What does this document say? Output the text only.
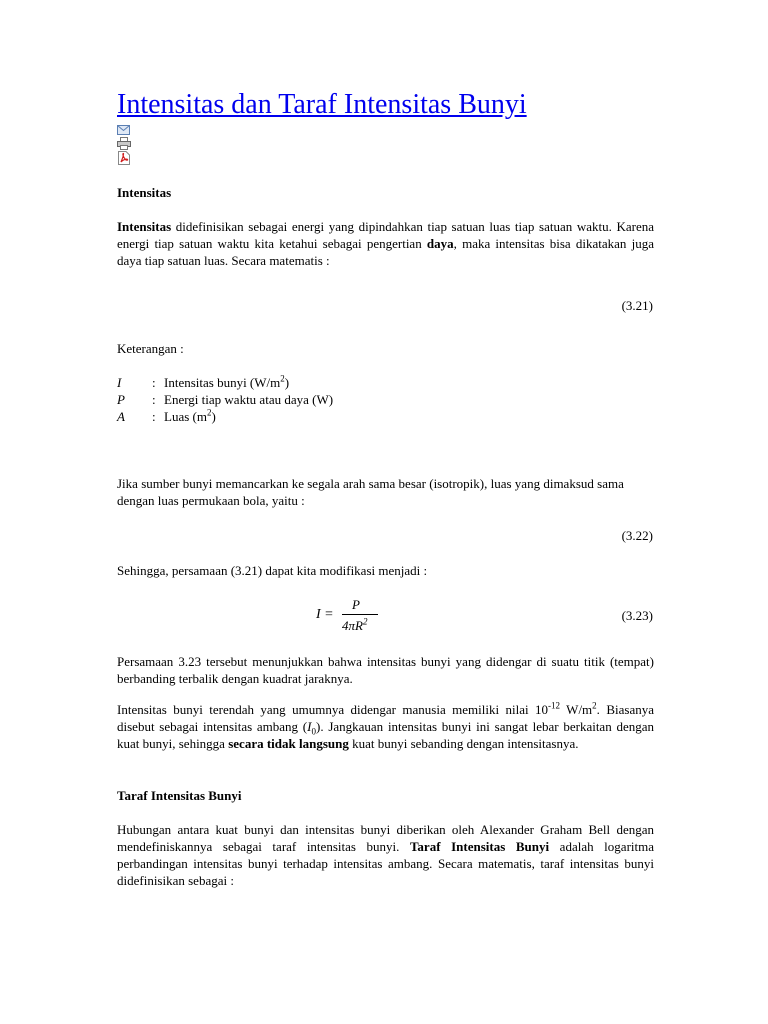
Intensitas dan Taraf Intensitas Bunyi
Intensitas
Intensitas didefinisikan sebagai energi yang dipindahkan tiap satuan luas tiap satuan waktu. Karena energi tiap satuan waktu kita ketahui sebagai pengertian daya, maka intensitas bisa dikatakan juga daya tiap satuan luas. Secara matematis :
(3.21)
Keterangan :
I : Intensitas bunyi $(W/m^2)$
P : Energi tiap waktu atau daya (W)
A : Luas $(m^2)$
Jika sumber bunyi memancarkan ke segala arah sama besar (isotropik), luas yang dimaksud sama dengan luas permukaan bola, yaitu :
(3.22)
Sehingga, persamaan (3.21) dapat kita modifikasi menjadi :
I =
P
$4\pi R^2$	(3.23)
Persamaan 3.23 tersebut menunjukkan bahwa intensitas bunyi yang didengar di suatu titik (tempat) berbanding terbalik dengan kuadrat jaraknya.
Intensitas bunyi terendah yang umumnya didengar manusia memiliki nilai $10^{-12}$ $W/m^2$. Biasanya disebut sebagai intensitas ambang $(I_0)$. Jangkauan intensitas bunyi ini sangat lebar berkaitan dengan kuat bunyi, sehingga secara tidak langsung kuat bunyi sebanding dengan intensitasnya.
Taraf Intensitas Bunyi
Hubungan antara kuat bunyi dan intensitas bunyi diberikan oleh Alexander Graham Bell dengan mendefiniskannya sebagai taraf intensitas bunyi. Taraf Intensitas Bunyi adalah logaritma perbandingan intensitas bunyi terhadap intensitas ambang. Secara matematis, taraf intensitas bunyi didefinisikan sebagai :
